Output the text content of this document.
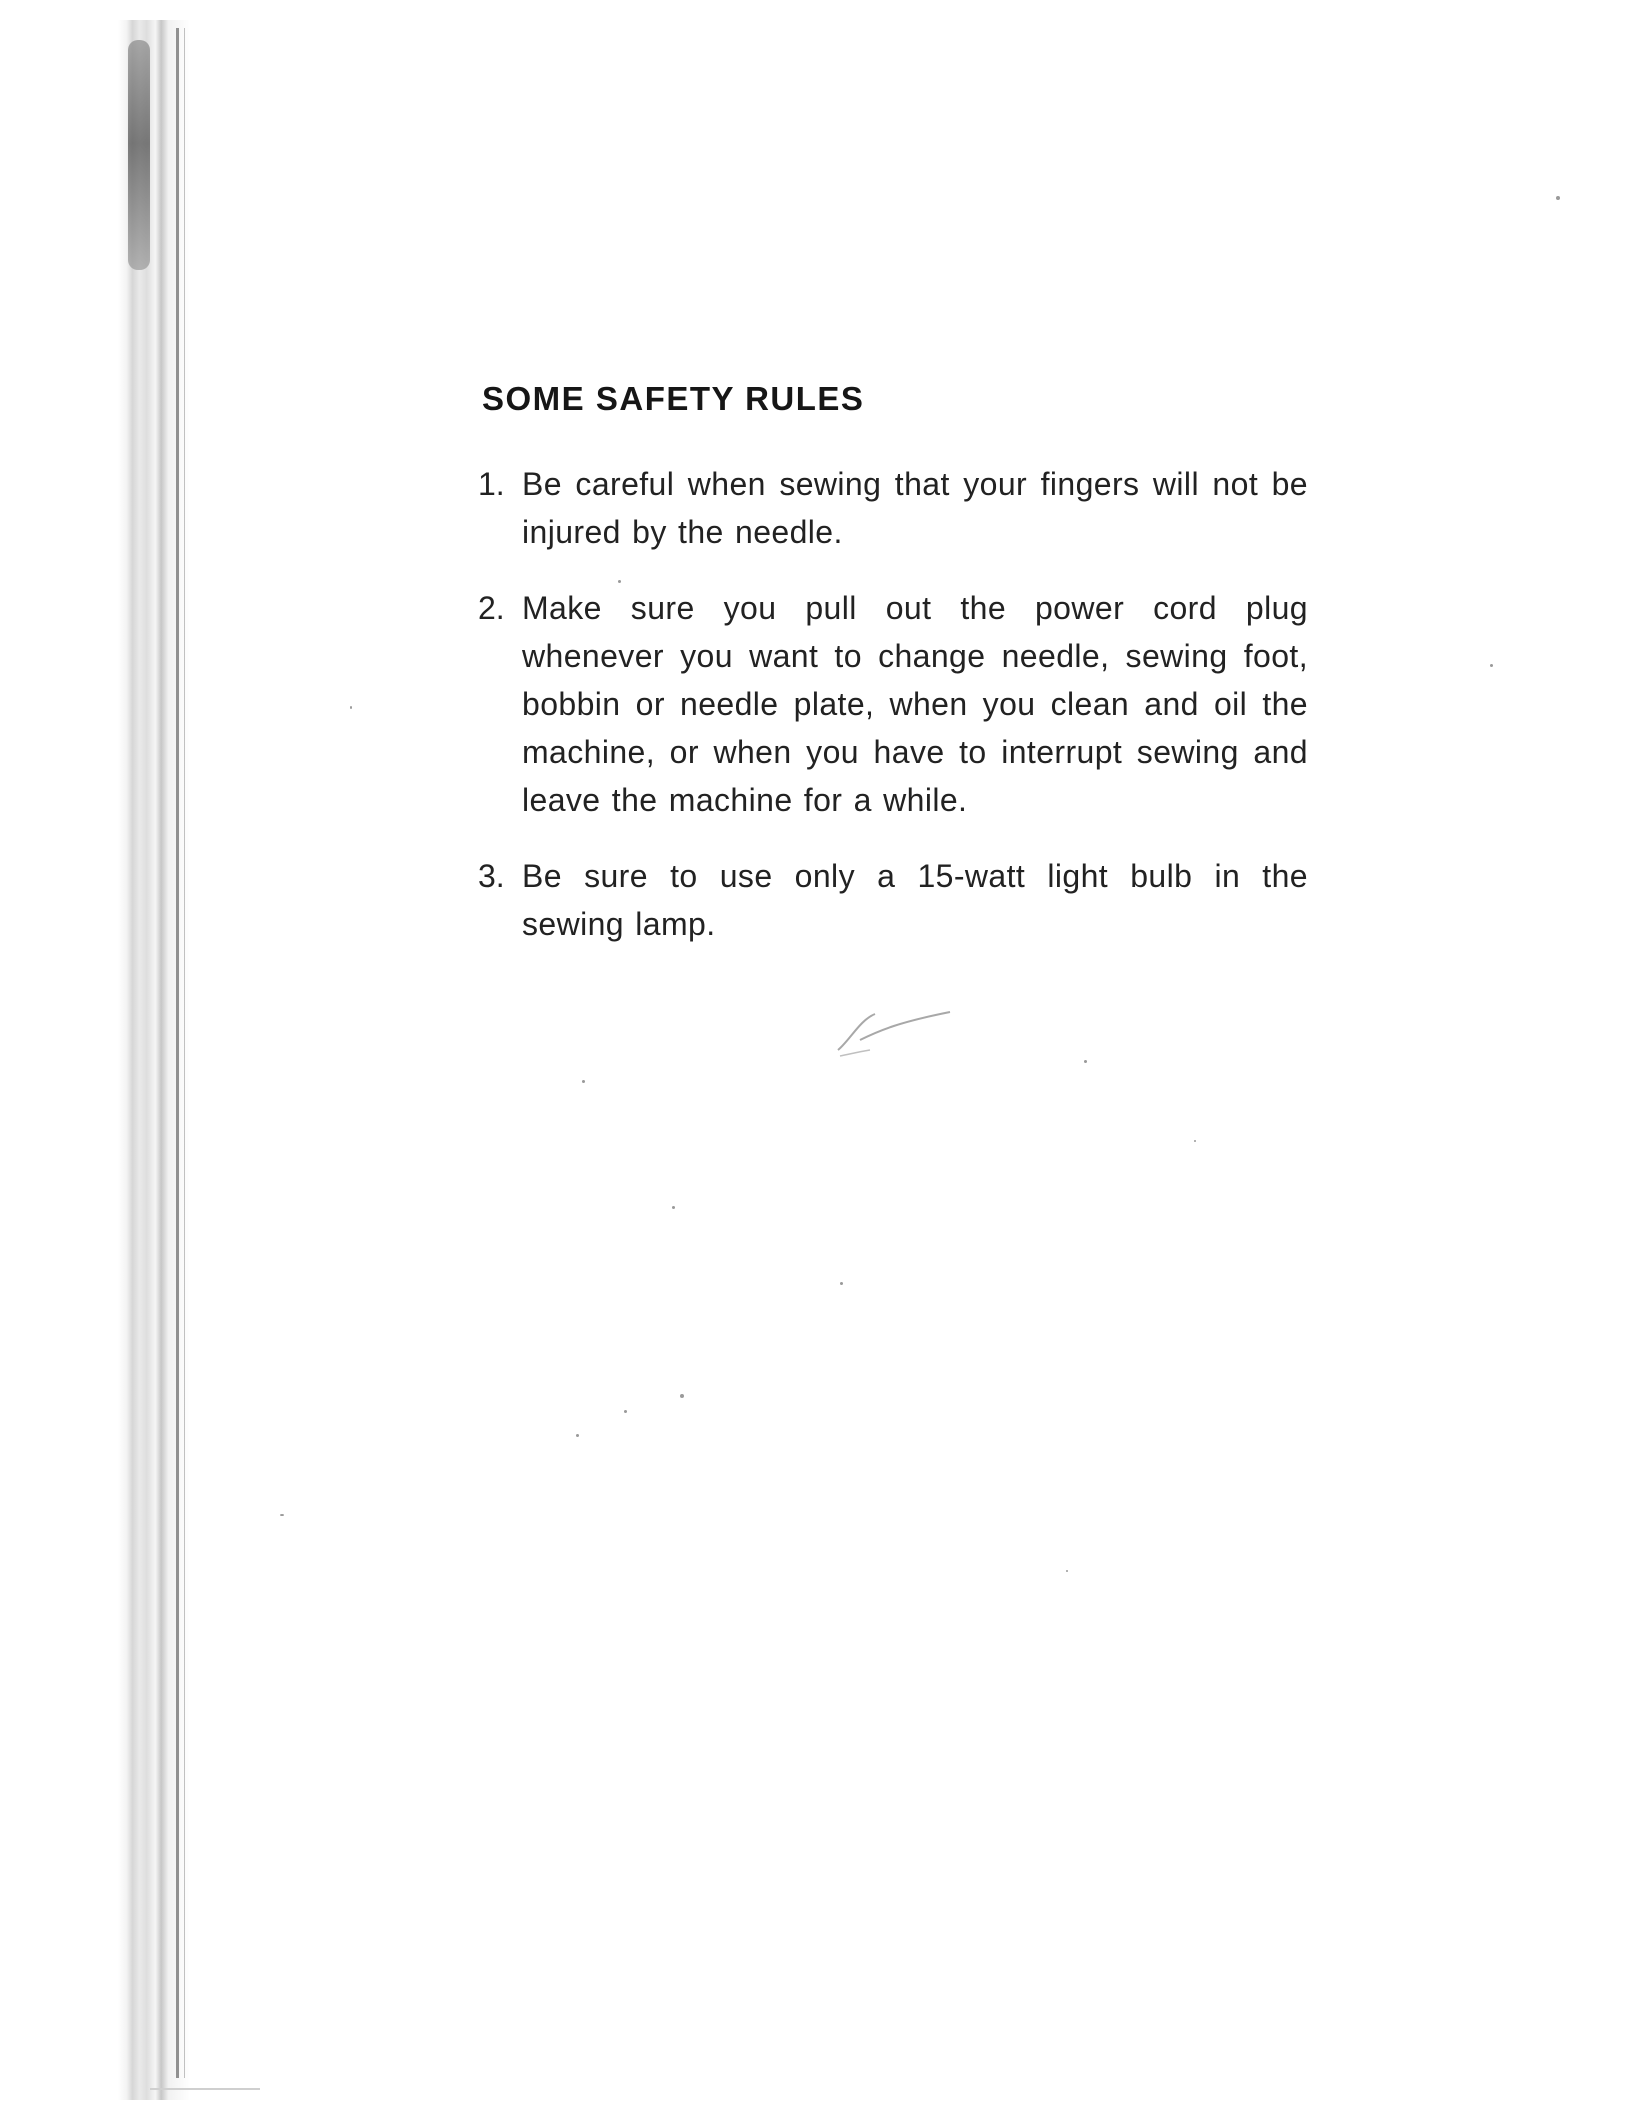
SOME SAFETY RULES
1. Be careful when sewing that your fingers will not be injured by the needle.
2. Make sure you pull out the power cord plug whenever you want to change needle, sewing foot, bobbin or needle plate, when you clean and oil the machine, or when you have to interrupt sewing and leave the machine for a while.
3. Be sure to use only a 15-watt light bulb in the sewing lamp.
